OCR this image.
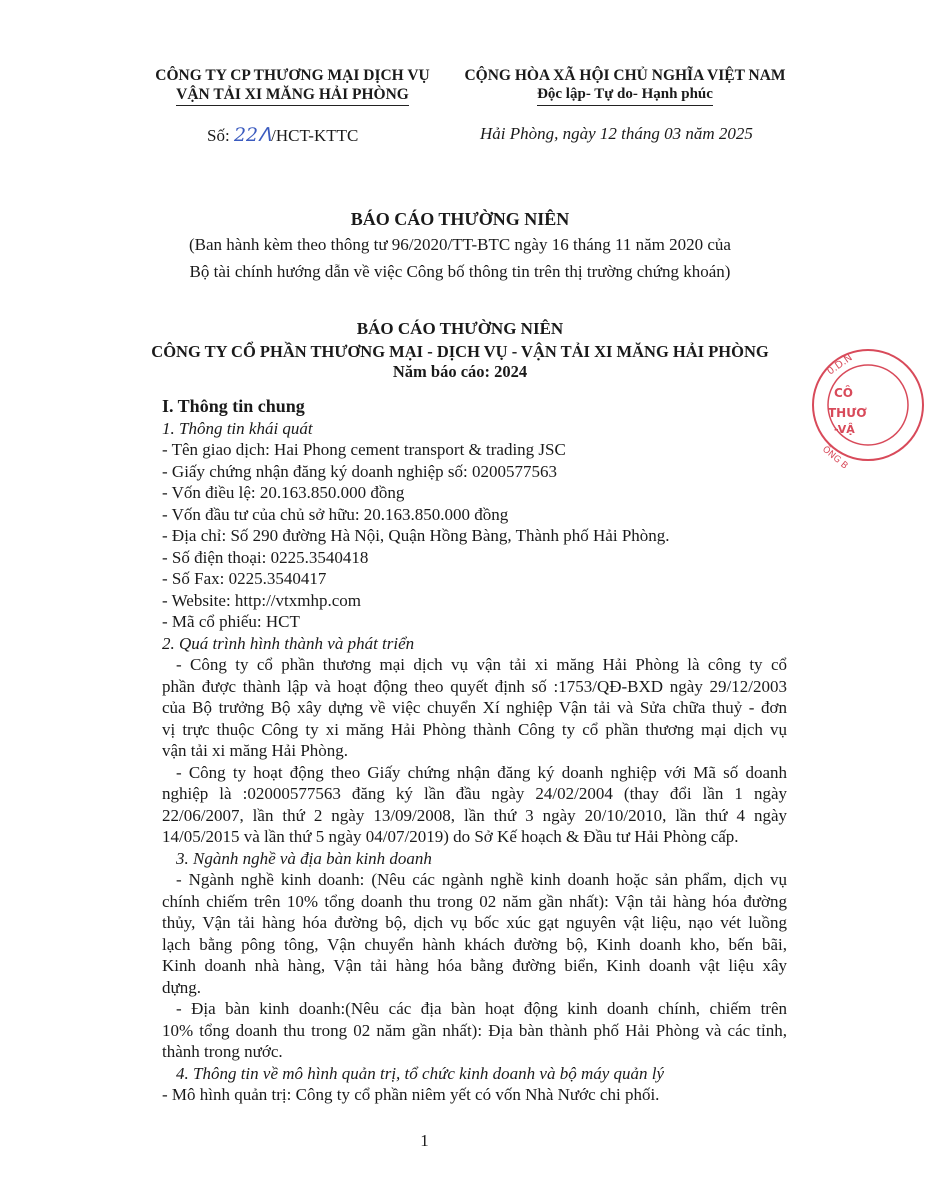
CÔNG TY CP THƯƠNG MẠI DỊCH VỤ
VẬN TẢI XI MĂNG HẢI PHÒNG
CỘNG HÒA XÃ HỘI CHỦ NGHĨA VIỆT NAM
Độc lập- Tự do- Hạnh phúc
Số: 22ᐱ/HCT-KTTC	Hải Phòng, ngày 12 tháng 03 năm 2025
BÁO CÁO THƯỜNG NIÊN
(Ban hành kèm theo thông tư 96/2020/TT-BTC ngày 16 tháng 11 năm 2020 của
Bộ tài chính hướng dẫn về việc Công bố thông tin trên thị trường chứng khoán)
BÁO CÁO THƯỜNG NIÊN
CÔNG TY CỔ PHẦN THƯƠNG MẠI - DỊCH VỤ - VẬN TẢI XI MĂNG HẢI PHÒNG
Năm báo cáo: 2024
I. Thông tin chung
1. Thông tin khái quát
- Tên giao dịch: Hai Phong cement transport & trading JSC
- Giấy chứng nhận đăng ký doanh nghiệp số: 0200577563
- Vốn điều lệ: 20.163.850.000 đồng
- Vốn đầu tư của chủ sở hữu: 20.163.850.000 đồng
- Địa chỉ: Số 290 đường Hà Nội, Quận Hồng Bàng, Thành phố Hải Phòng.
- Số điện thoại: 0225.3540418
- Số Fax: 0225.3540417
- Website: http://vtxmhp.com
- Mã cổ phiếu: HCT
2. Quá trình hình thành và phát triển
- Công ty cổ phần thương mại dịch vụ vận tải xi măng Hải Phòng là công ty cổ
phần được thành lập và hoạt động theo quyết định số :1753/QĐ-BXD ngày 29/12/2003
của Bộ trưởng Bộ xây dựng về việc chuyển Xí nghiệp Vận tải và Sửa chữa thuỷ - đơn
vị trực thuộc Công ty xi măng Hải Phòng thành Công ty cổ phần thương mại dịch vụ
vận tải xi măng Hải Phòng.
- Công ty hoạt động theo Giấy chứng nhận đăng ký doanh nghiệp với Mã số doanh
nghiệp là :02000577563 đăng ký lần đầu ngày 24/02/2004 (thay đổi lần 1 ngày
22/06/2007, lần thứ 2 ngày 13/09/2008, lần thứ 3 ngày 20/10/2010, lần thứ 4 ngày
14/05/2015 và lần thứ 5 ngày 04/07/2019) do Sở Kế hoạch & Đầu tư Hải Phòng cấp.
3. Ngành nghề và địa bàn kinh doanh
- Ngành nghề kinh doanh: (Nêu các ngành nghề kinh doanh hoặc sản phẩm, dịch vụ
chính chiếm trên 10% tổng doanh thu trong 02 năm gần nhất): Vận tải hàng hóa đường
thủy, Vận tải hàng hóa đường bộ, dịch vụ bốc xúc gạt nguyên vật liệu, nạo vét luồng
lạch bằng pông tông, Vận chuyển hành khách đường bộ, Kinh doanh kho, bến bãi,
Kinh doanh nhà hàng, Vận tải hàng hóa bằng đường biển, Kinh doanh vật liệu xây
dựng.
- Địa bàn kinh doanh:(Nêu các địa bàn hoạt động kinh doanh chính, chiếm trên
10% tổng doanh thu trong 02 năm gần nhất): Địa bàn thành phố Hải Phòng và các tỉnh,
thành trong nước.
4. Thông tin về mô hình quản trị, tổ chức kinh doanh và bộ máy quản lý
- Mô hình quản trị: Công ty cổ phần niêm yết có vốn Nhà Nước chi phối.
1
0.D.N
CÔ
THƯƠ
-VẬ
ỒNG B
